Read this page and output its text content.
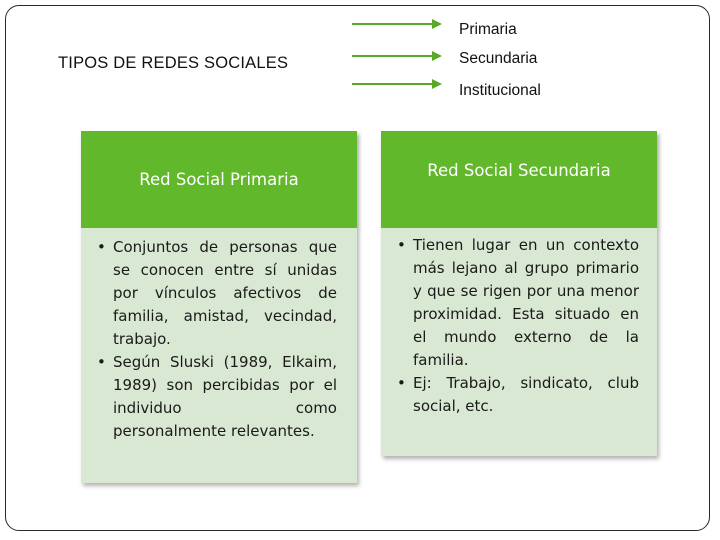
TIPOS DE REDES SOCIALES
Primaria
Secundaria
Institucional
Red Social Primaria
• Conjuntos de personas que se conocen entre sí unidas por vínculos afectivos de familia, amistad, vecindad, trabajo.
• Según Sluski (1989, Elkaim, 1989) son percibidas por el individuo como personalmente relevantes.
Red Social Secundaria
• Tienen lugar en un contexto más lejano al grupo primario y que se rigen por una menor proximidad. Esta situado en el mundo externo de la familia.
• Ej: Trabajo, sindicato, club social, etc.
